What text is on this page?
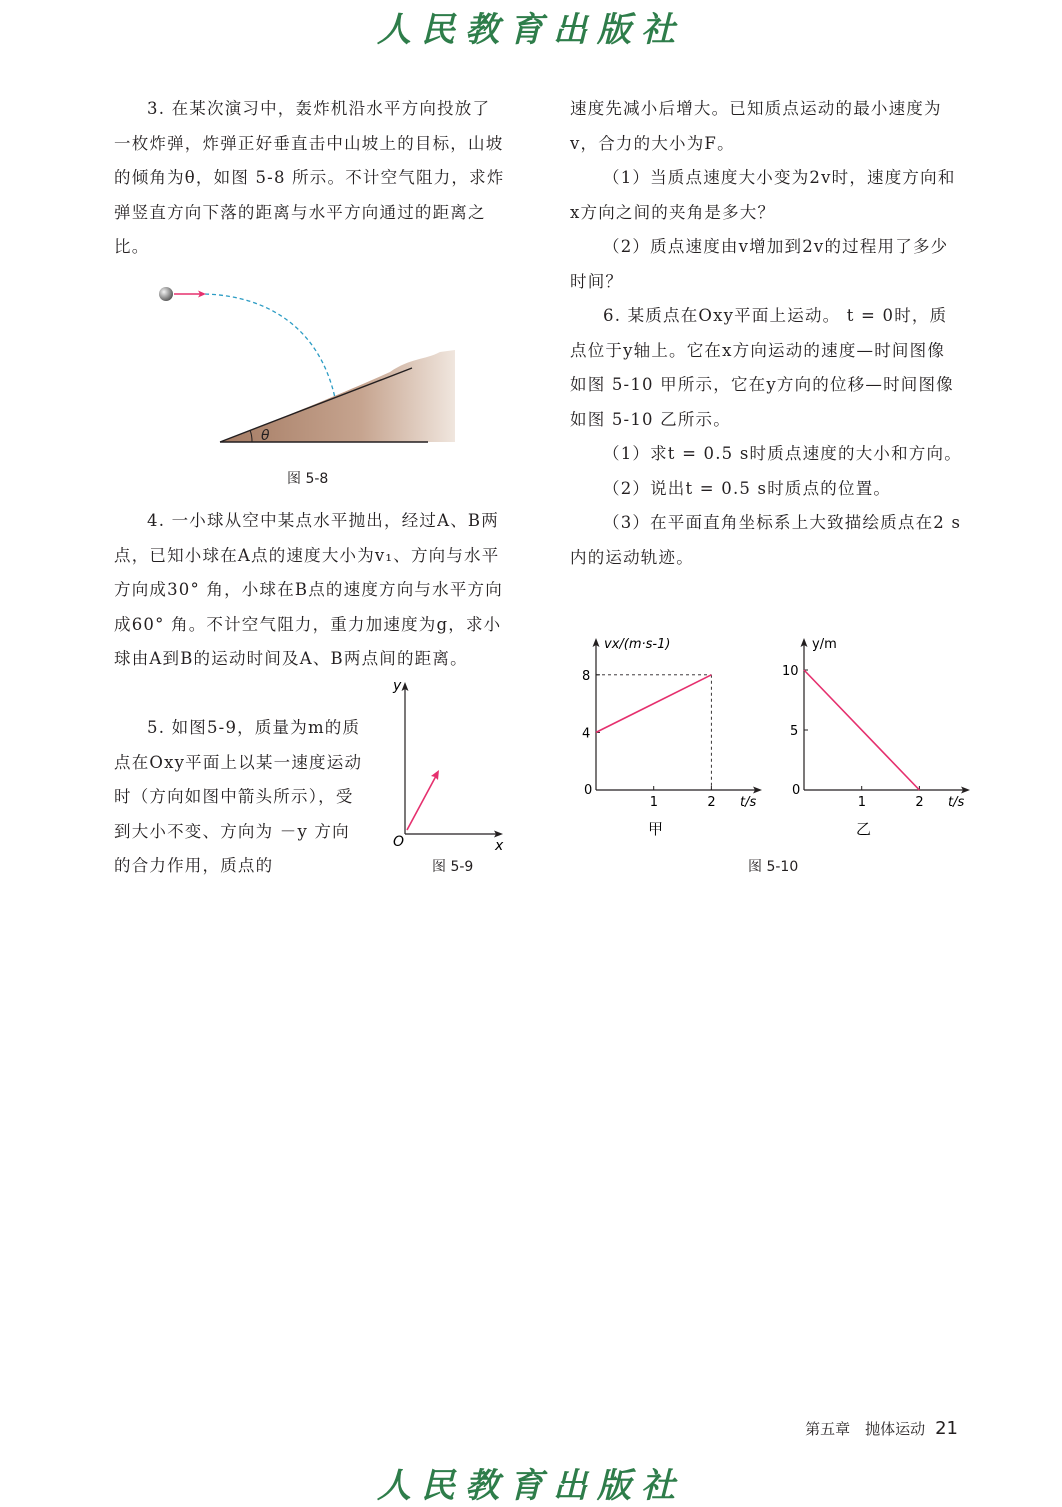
人民教育出版社

3. 在某次演习中，轰炸机沿水平方向投放了一枚炸弹，炸弹正好垂直击中山坡上的目标，山坡的倾角为θ，如图 5-8 所示。不计空气阻力，求炸弹竖直方向下落的距离与水平方向通过的距离之比。

θ
图 5-8

4. 一小球从空中某点水平抛出，经过A、B两点，已知小球在A点的速度大小为v₁、方向与水平方向成30° 角，小球在B点的速度方向与水平方向成60° 角。不计空气阻力，重力加速度为g，求小球由A到B的运动时间及A、B两点间的距离。

5. 如图5-9，质量为m的质点在Oxy平面上以某一速度运动时（方向如图中箭头所示），受到大小不变、方向为 －y 方向的合力作用，质点的

y
x
O
图 5-9

速度先减小后增大。已知质点运动的最小速度为v，合力的大小为F。

（1）当质点速度大小变为2v时，速度方向和x方向之间的夹角是多大？

（2）质点速度由v增加到2v的过程用了多少时间？

6. 某质点在Oxy平面上运动。 t = 0时，质点位于y轴上。它在x方向运动的速度—时间图像如图 5-10 甲所示，它在y方向的位移—时间图像如图 5-10 乙所示。

（1）求t = 0.5 s时质点速度的大小和方向。

（2）说出t = 0.5 s时质点的位置。

（3）在平面直角坐标系上大致描绘质点在2 s内的运动轨迹。

vx/(m·s-1)
t/s
0
1	2
4
8
甲
y/m
t/s
0
1	2
5
10
乙
图 5-10
第五章　抛体运动 21
人民教育出版社
